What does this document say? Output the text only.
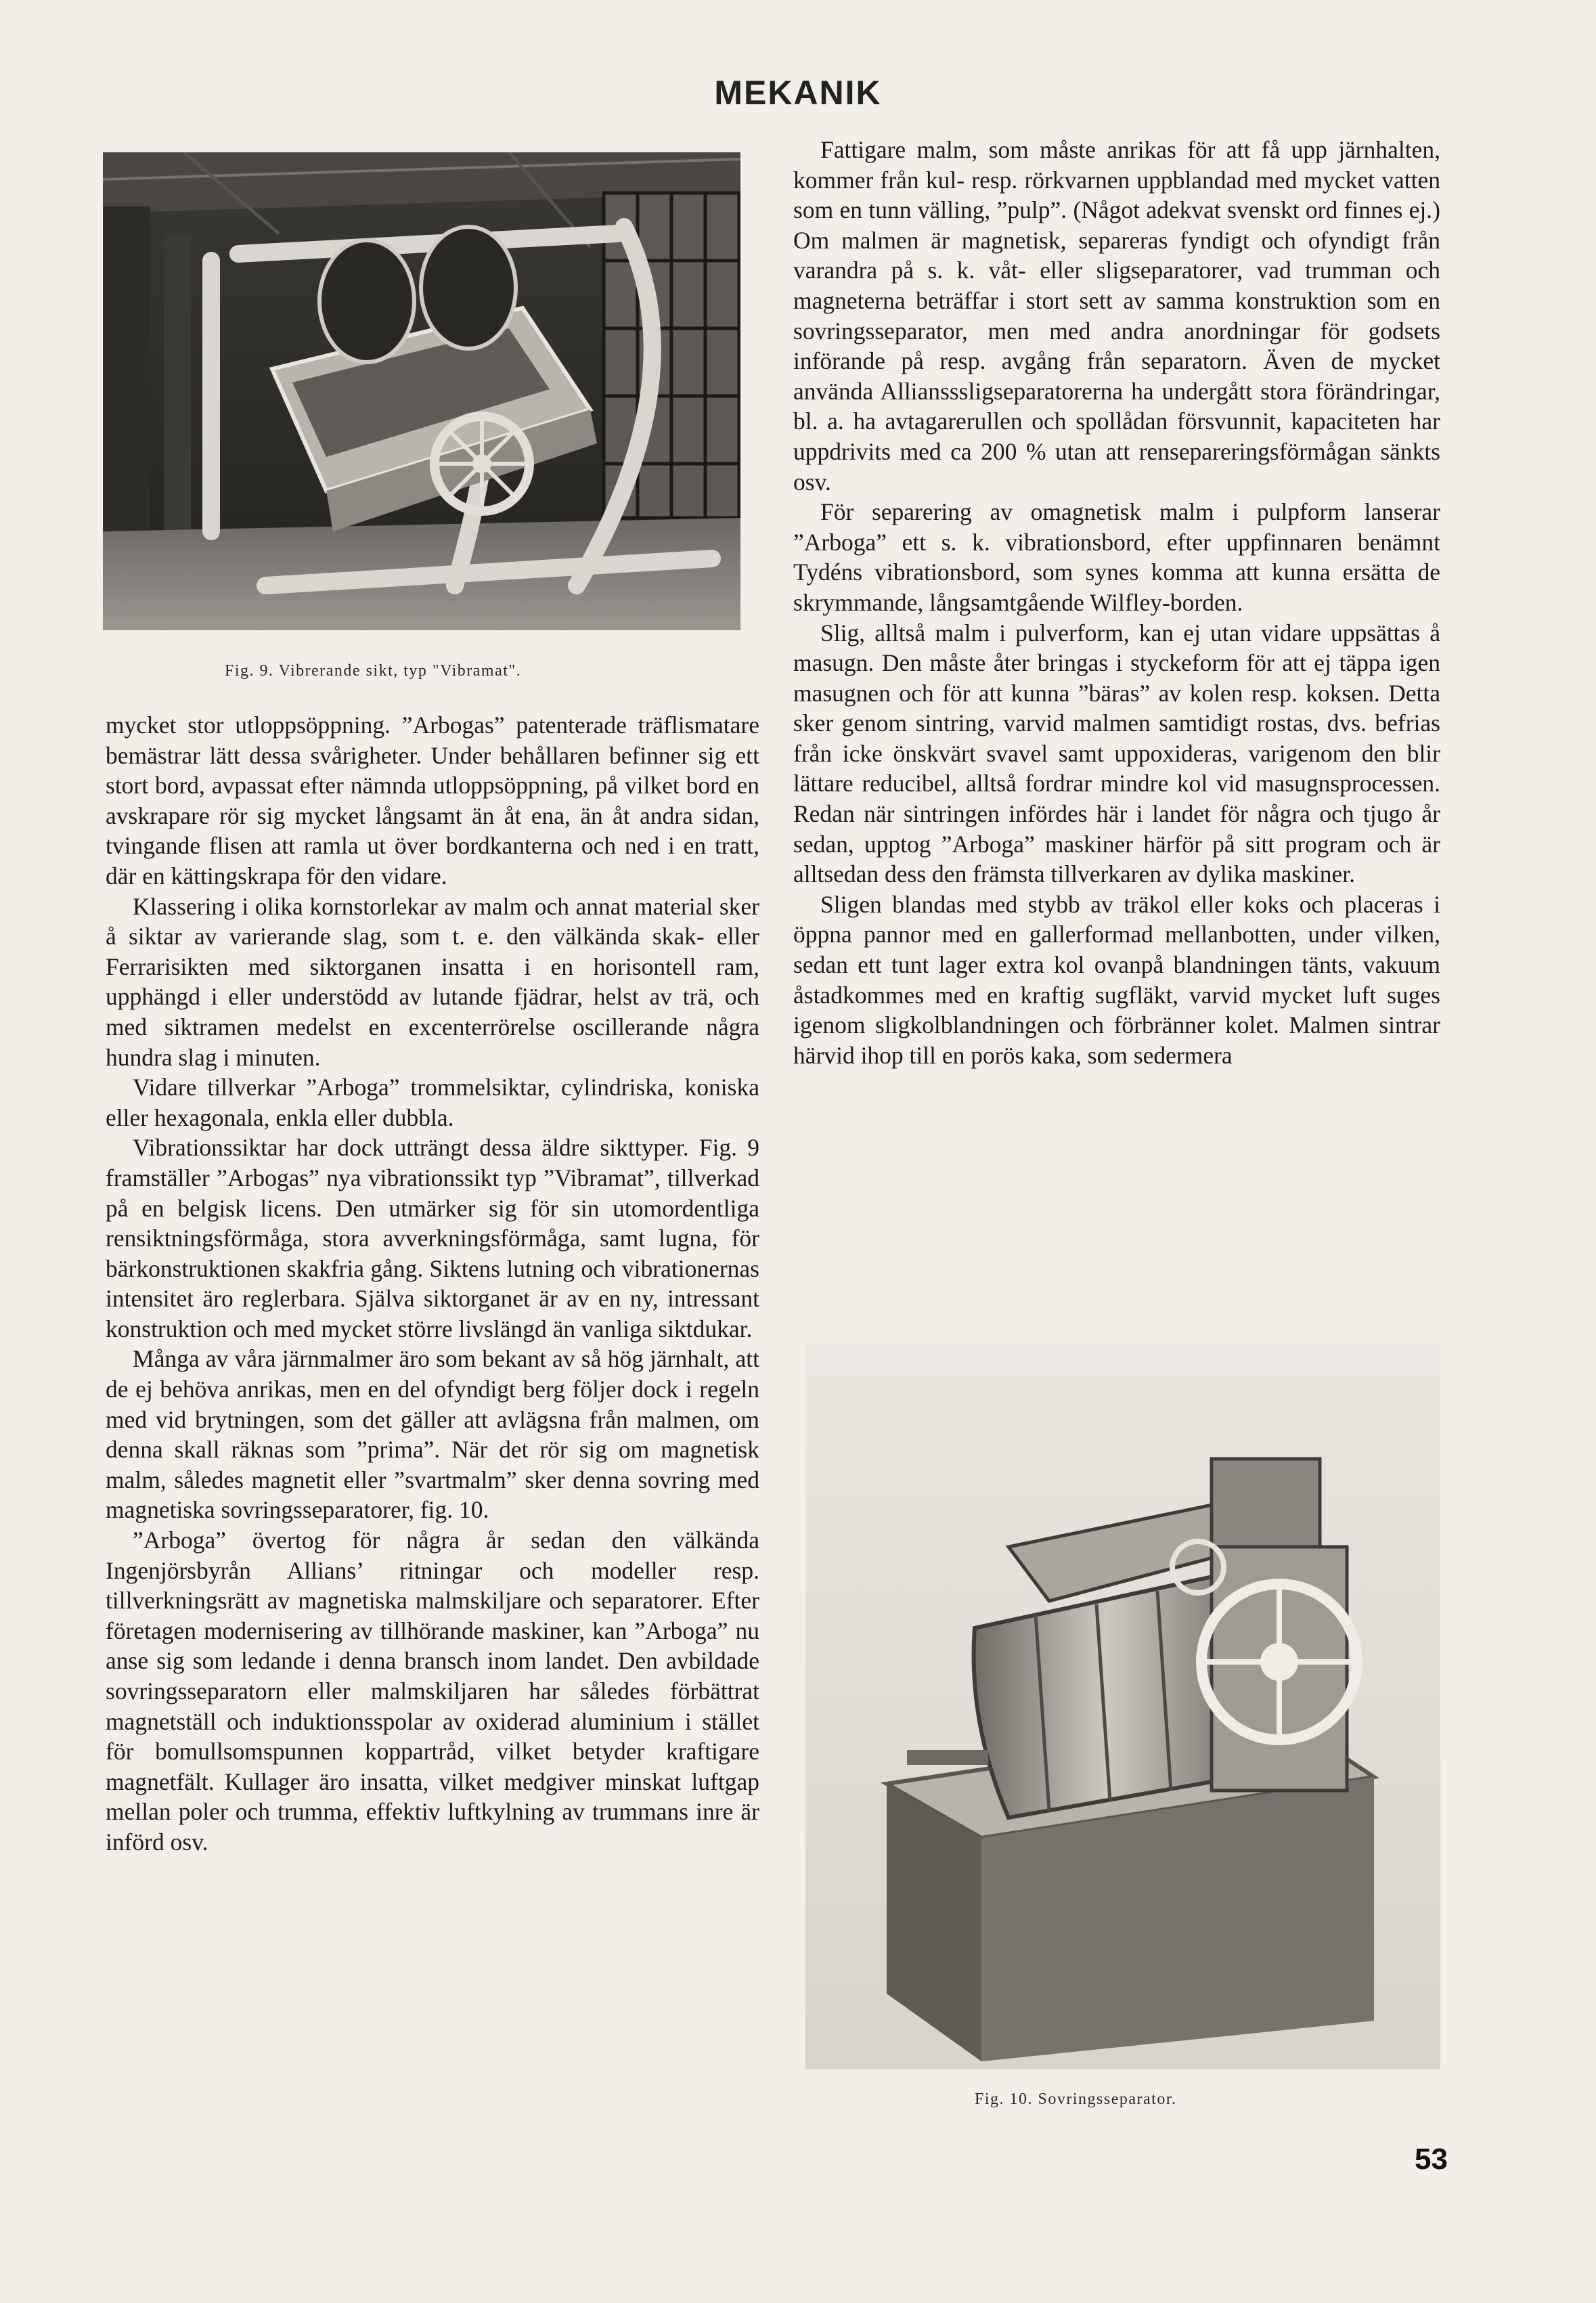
MEKANIK
Fig. 9. Vibrerande sikt, typ "Vibramat".
Fig. 10. Sovringsseparator.

mycket stor utloppsöppning. ”Arbogas” patenterade träflismatare bemästrar lätt dessa svårigheter. Under behållaren befinner sig ett stort bord, avpassat efter nämnda utloppsöppning, på vilket bord en avskrapare rör sig mycket långsamt än åt ena, än åt andra sidan, tvingande flisen att ramla ut över bordkanterna och ned i en tratt, där en kättingskrapa för den vidare.

Klassering i olika kornstorlekar av malm och annat material sker å siktar av varierande slag, som t. e. den välkända skak- eller Ferrarisikten med siktorganen insatta i en horisontell ram, upphängd i eller understödd av lutande fjädrar, helst av trä, och med siktramen medelst en excenterrörelse oscillerande några hundra slag i minuten.

Vidare tillverkar ”Arboga” trommelsiktar, cylindriska, koniska eller hexagonala, enkla eller dubbla.

Vibrationssiktar har dock utträngt dessa äldre sikttyper. Fig. 9 framställer ”Arbogas” nya vibrationssikt typ ”Vibramat”, tillverkad på en belgisk licens. Den utmärker sig för sin utomordentliga rensiktningsförmåga, stora avverkningsförmåga, samt lugna, för bärkonstruktionen skakfria gång. Siktens lutning och vibrationernas intensitet äro reglerbara. Själva siktorganet är av en ny, intressant konstruktion och med mycket större livslängd än vanliga siktdukar.

Många av våra järnmalmer äro som bekant av så hög järnhalt, att de ej behöva anrikas, men en del ofyndigt berg följer dock i regeln med vid brytningen, som det gäller att avlägsna från malmen, om denna skall räknas som ”prima”. När det rör sig om magnetisk malm, således magnetit eller ”svartmalm” sker denna sovring med magnetiska sovringsseparatorer, fig. 10.

”Arboga” övertog för några år sedan den välkända Ingenjörsbyrån Allians’ ritningar och modeller resp. tillverkningsrätt av magnetiska malmskiljare och separatorer. Efter företagen modernisering av tillhörande maskiner, kan ”Arboga” nu anse sig som ledande i denna bransch inom landet. Den avbildade sovringsseparatorn eller malmskiljaren har således förbättrat magnetställ och induktionsspolar av oxiderad aluminium i stället för bomullsomspunnen koppartråd, vilket betyder kraftigare magnetfält. Kullager äro insatta, vilket medgiver minskat luftgap mellan poler och trumma, effektiv luftkylning av trummans inre är införd osv.

Fattigare malm, som måste anrikas för att få upp järnhalten, kommer från kul- resp. rörkvarnen uppblandad med mycket vatten som en tunn välling, ”pulp”. (Något adekvat svenskt ord finnes ej.) Om malmen är magnetisk, separeras fyndigt och ofyndigt från varandra på s. k. våt- eller sligseparatorer, vad trumman och magneterna beträffar i stort sett av samma konstruktion som en sovringsseparator, men med andra anordningar för godsets införande på resp. avgång från separatorn. Även de mycket använda Alliansssligseparatorerna ha undergått stora förändringar, bl. a. ha avtagarerullen och spollådan försvunnit, kapaciteten har uppdrivits med ca 200 % utan att rensepareringsförmågan sänkts osv.

För separering av omagnetisk malm i pulpform lanserar ”Arboga” ett s. k. vibrationsbord, efter uppfinnaren benämnt Tydéns vibrationsbord, som synes komma att kunna ersätta de skrymmande, långsamtgående Wilfley-borden.

Slig, alltså malm i pulverform, kan ej utan vidare uppsättas å masugn. Den måste åter bringas i styckeform för att ej täppa igen masugnen och för att kunna ”bäras” av kolen resp. koksen. Detta sker genom sintring, varvid malmen samtidigt rostas, dvs. befrias från icke önskvärt svavel samt uppoxideras, varigenom den blir lättare reducibel, alltså fordrar mindre kol vid masugnsprocessen. Redan när sintringen infördes här i landet för några och tjugo år sedan, upptog ”Arboga” maskiner härför på sitt program och är alltsedan dess den främsta tillverkaren av dylika maskiner.

Sligen blandas med stybb av träkol eller koks och placeras i öppna pannor med en gallerformad mellanbotten, under vilken, sedan ett tunt lager extra kol ovanpå blandningen tänts, vakuum åstadkommes med en kraftig sugfläkt, varvid mycket luft suges igenom sligkolblandningen och förbränner kolet. Malmen sintrar härvid ihop till en porös kaka, som sedermera

53
